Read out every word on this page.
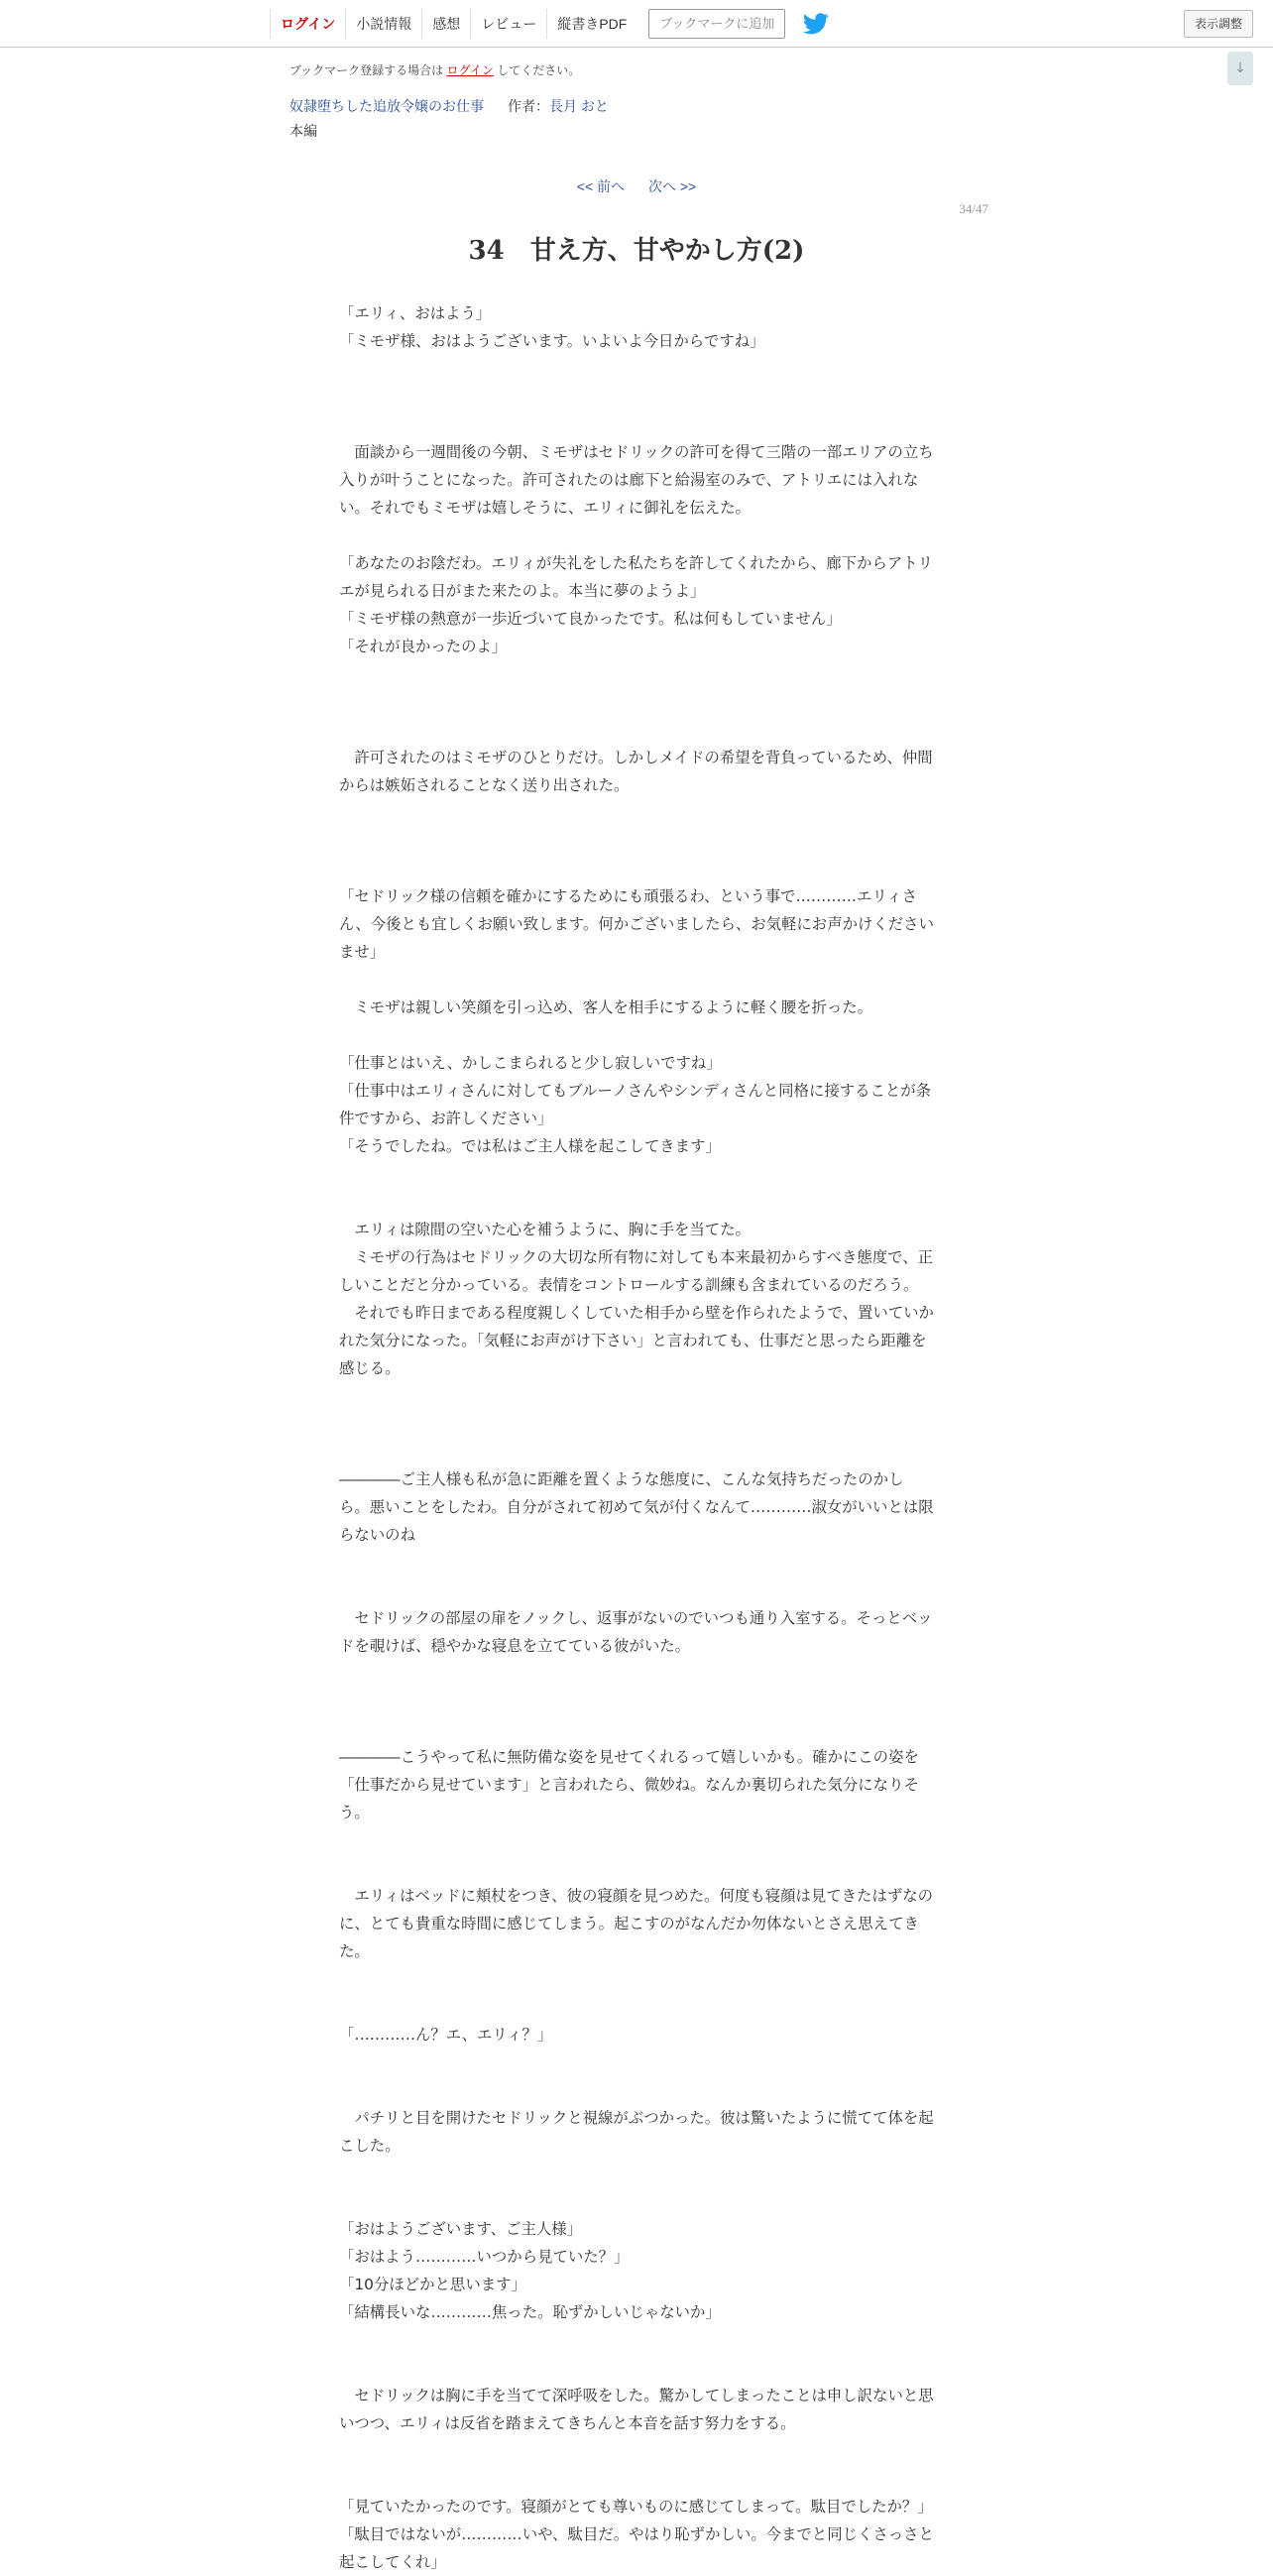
ログイン	小説情報	感想	レビュー	縦書きPDF	ブックマークに追加	表示調整
↓
ブックマーク登録する場合は ログイン してください。
奴隷堕ちした追放令嬢のお仕事 作者：長月 おと
本編
<< 前へ 次へ >>
34/47
34　甘え方、甘やかし方(2)
「エリィ、おはよう」
「ミモザ様、おはようございます。いよいよ今日からですね」
　面談から一週間後の今朝、ミモザはセドリックの許可を得て三階の一部エリアの立ち入りが叶うことになった。許可されたのは廊下と給湯室のみで、アトリエには入れない。それでもミモザは嬉しそうに、エリィに御礼を伝えた。
「あなたのお陰だわ。エリィが失礼をした私たちを許してくれたから、廊下からアトリエが見られる日がまた来たのよ。本当に夢のようよ」
「ミモザ様の熱意が一歩近づいて良かったです。私は何もしていません」
「それが良かったのよ」
　許可されたのはミモザのひとりだけ。しかしメイドの希望を背負っているため、仲間からは嫉妬されることなく送り出された。
「セドリック様の信頼を確かにするためにも頑張るわ、という事で…………エリィさん、今後とも宜しくお願い致します。何かございましたら、お気軽にお声かけくださいませ」
　ミモザは親しい笑顔を引っ込め、客人を相手にするように軽く腰を折った。
「仕事とはいえ、かしこまられると少し寂しいですね」
「仕事中はエリィさんに対してもブルーノさんやシンディさんと同格に接することが条件ですから、お許しください」
「そうでしたね。では私はご主人様を起こしてきます」
　エリィは隙間の空いた心を補うように、胸に手を当てた。
　ミモザの行為はセドリックの大切な所有物に対しても本来最初からすべき態度で、正しいことだと分かっている。表情をコントロールする訓練も含まれているのだろう。
　それでも昨日まである程度親しくしていた相手から壁を作られたようで、置いていかれた気分になった。「気軽にお声がけ下さい」と言われても、仕事だと思ったら距離を感じる。
――――ご主人様も私が急に距離を置くような態度に、こんな気持ちだったのかしら。悪いことをしたわ。自分がされて初めて気が付くなんて…………淑女がいいとは限らないのね
　セドリックの部屋の扉をノックし、返事がないのでいつも通り入室する。そっとベッドを覗けば、穏やかな寝息を立てている彼がいた。
――――こうやって私に無防備な姿を見せてくれるって嬉しいかも。確かにこの姿を「仕事だから見せています」と言われたら、微妙ね。なんか裏切られた気分になりそう。
　エリィはベッドに頬杖をつき、彼の寝顔を見つめた。何度も寝顔は見てきたはずなのに、とても貴重な時間に感じてしまう。起こすのがなんだか勿体ないとさえ思えてきた。
「…………ん？エ、エリィ？」
　パチリと目を開けたセドリックと視線がぶつかった。彼は驚いたように慌てて体を起こした。
「おはようございます、ご主人様」
「おはよう…………いつから見ていた？」
「10分ほどかと思います」
「結構長いな…………焦った。恥ずかしいじゃないか」
　セドリックは胸に手を当てて深呼吸をした。驚かしてしまったことは申し訳ないと思いつつ、エリィは反省を踏まえてきちんと本音を話す努力をする。
「見ていたかったのです。寝顔がとても尊いものに感じてしまって。駄目でしたか？」
「駄目ではないが…………いや、駄目だ。やはり恥ずかしい。今までと同じくさっさと起こしてくれ」
